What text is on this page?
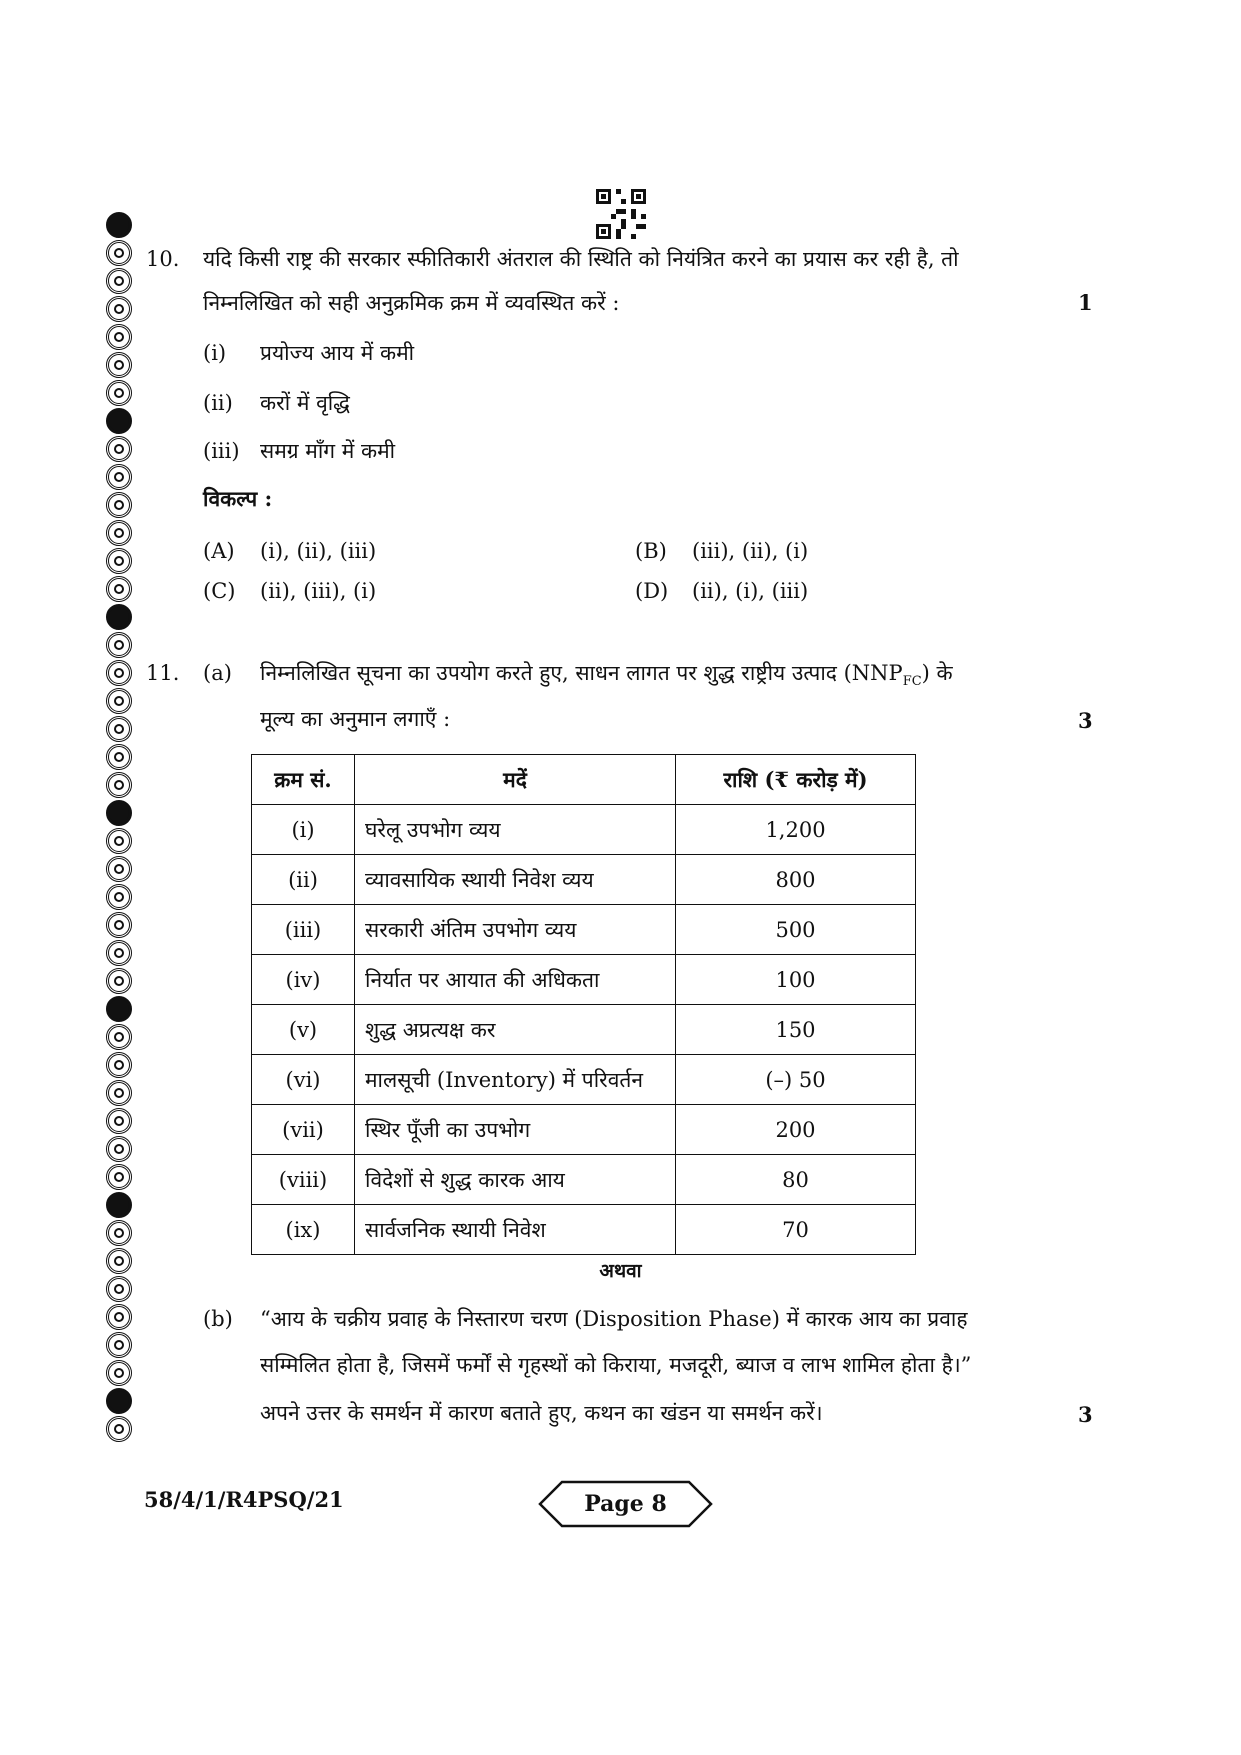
10. यदि किसी राष्ट्र की सरकार स्फीतिकारी अंतराल की स्थिति को नियंत्रित करने का प्रयास कर रही है, तो
निम्नलिखित को सही अनुक्रमिक क्रम में व्यवस्थित करें :	1
(i) प्रयोज्य आय में कमी
(ii) करों में वृद्धि
(iii) समग्र माँग में कमी
विकल्प :
(A) (i), (ii), (iii)	(B) (iii), (ii), (i)
(C) (ii), (iii), (i)	(D) (ii), (i), (iii)
11. (a) निम्नलिखित सूचना का उपयोग करते हुए, साधन लागत पर शुद्ध राष्ट्रीय उत्पाद $(NNP_{FC})$ के
मूल्य का अनुमान लगाएँ :	3
क्रम सं.	मदें	राशि (₹ करोड़ में)
(i)	घरेलू उपभोग व्यय	1,200
(ii)	व्यावसायिक स्थायी निवेश व्यय	800
(iii)	सरकारी अंतिम उपभोग व्यय	500
(iv)	निर्यात पर आयात की अधिकता	100
(v)	शुद्ध अप्रत्यक्ष कर	150
(vi)	मालसूची (Inventory) में परिवर्तन	(–) 50
(vii)	स्थिर पूँजी का उपभोग	200
(viii)	विदेशों से शुद्ध कारक आय	80
(ix)	सार्वजनिक स्थायी निवेश	70
अथवा
(b) “आय के चक्रीय प्रवाह के निस्तारण चरण (Disposition Phase) में कारक आय का प्रवाह
सम्मिलित होता है, जिसमें फर्मों से गृहस्थों को किराया, मजदूरी, ब्याज व लाभ शामिल होता है।”
अपने उत्तर के समर्थन में कारण बताते हुए, कथन का खंडन या समर्थन करें।	3
58/4/1/R4PSQ/21	Page 8
